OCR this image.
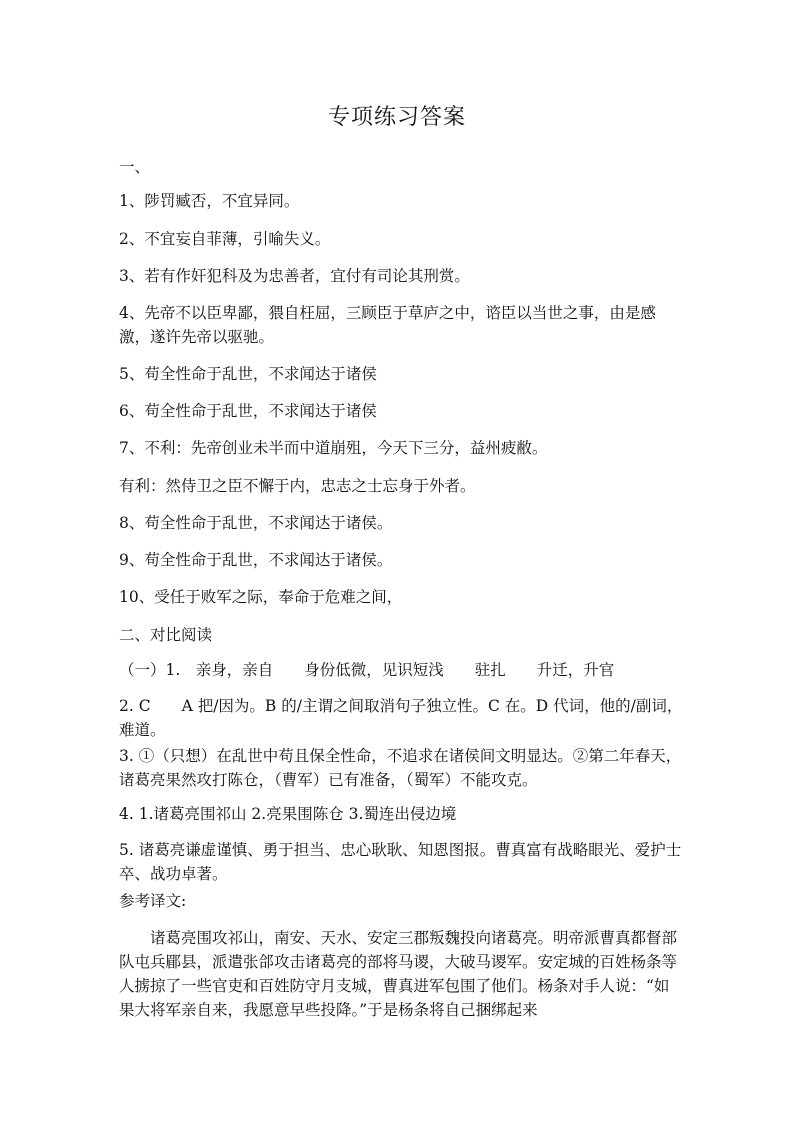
专项练习答案
一、
1、陟罚臧否，不宜异同。
2、不宜妄自菲薄，引喻失义。
3、若有作奸犯科及为忠善者，宜付有司论其刑赏。
4、先帝不以臣卑鄙，猥自枉屈，三顾臣于草庐之中，谘臣以当世之事，由是感激，遂许先帝以驱驰。
5、苟全性命于乱世，不求闻达于诸侯
6、苟全性命于乱世，不求闻达于诸侯
7、不利：先帝创业未半而中道崩殂，今天下三分，益州疲敝。
有利：然侍卫之臣不懈于内，忠志之士忘身于外者。
8、苟全性命于乱世，不求闻达于诸侯。
9、苟全性命于乱世，不求闻达于诸侯。
10、受任于败军之际，奉命于危难之间，
二、对比阅读
（一）1.　亲身，亲自　　身份低微，见识短浅　　驻扎　　升迁，升官
2. C　　A 把/因为。B 的/主谓之间取消句子独立性。C 在。D 代词，他的/副词，难道。
3. ①（只想）在乱世中苟且保全性命，不追求在诸侯间文明显达。②第二年春天，诸葛亮果然攻打陈仓，（曹军）已有准备，（蜀军）不能攻克。
4. 1.诸葛亮围祁山 2.亮果围陈仓 3.蜀连出侵边境
5. 诸葛亮谦虚谨慎、勇于担当、忠心耿耿、知恩图报。曹真富有战略眼光、爱护士卒、战功卓著。
参考译文:
诸葛亮围攻祁山，南安、天水、安定三郡叛魏投向诸葛亮。明帝派曹真都督部队屯兵郿县，派遣张郃攻击诸葛亮的部将马谡，大破马谡军。安定城的百姓杨条等人掳掠了一些官吏和百姓防守月支城，曹真进军包围了他们。杨条对手人说：“如果大将军亲自来，我愿意早些投降。”于是杨条将自己捆绑起来
